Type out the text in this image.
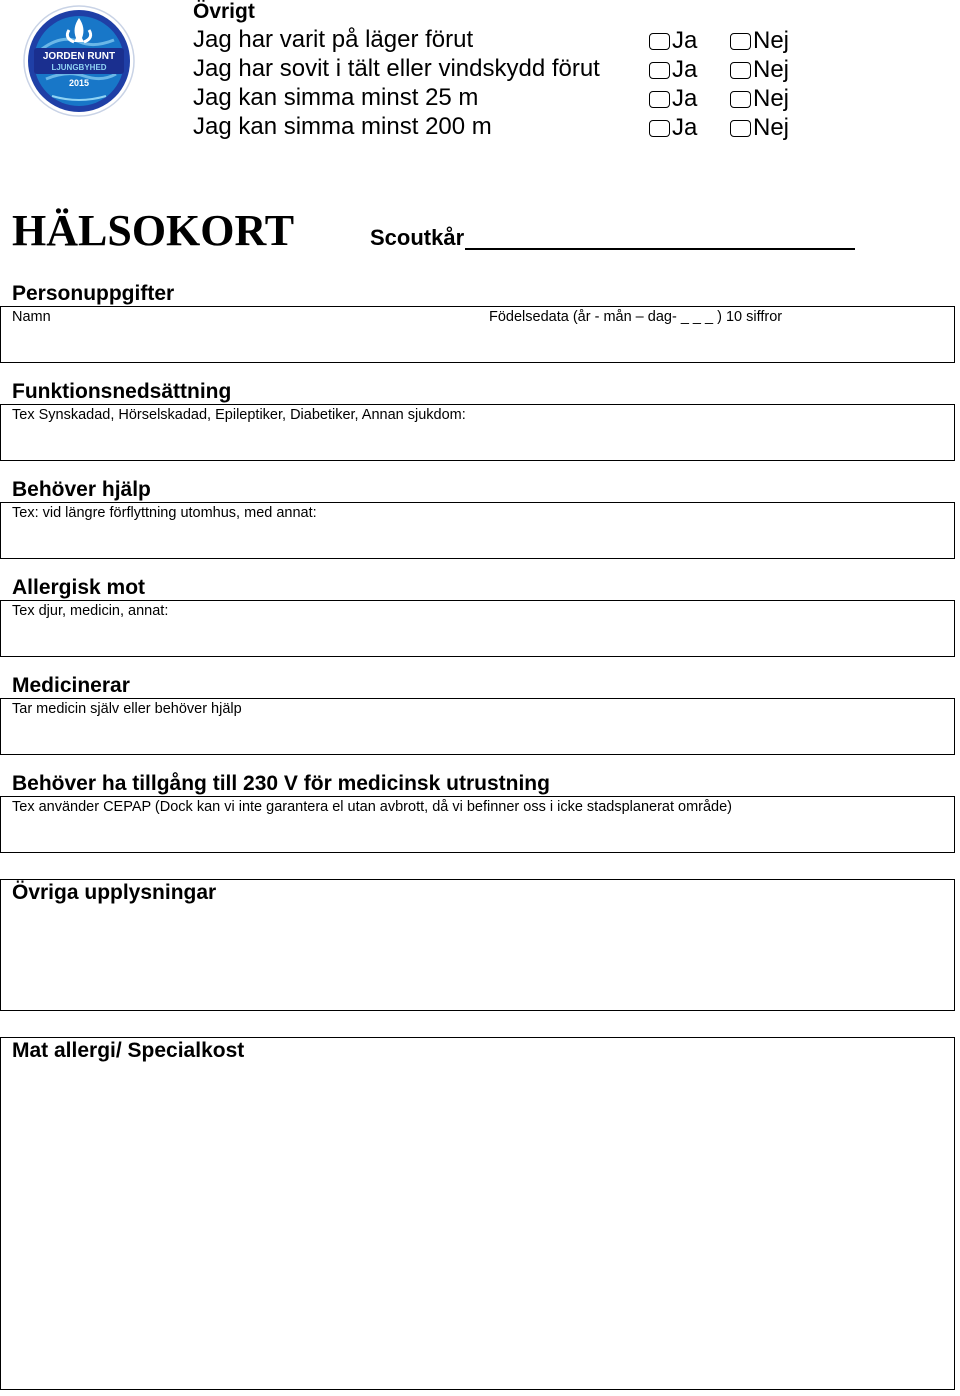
JORDEN RUNT
LJUNGBYHED
2015
Övrigt
Jag har varit på läger förut	Ja Nej
Jag har sovit i tält eller vindskydd förut	Ja Nej
Jag kan simma minst 25 m	Ja Nej
Jag kan simma minst 200 m	Ja Nej
HÄLSOKORT	Scoutkår
Personuppgifter
Namn	Födelsedata (år - mån – dag- _ _ _ ) 10 siffror
Funktionsnedsättning
Tex Synskadad, Hörselskadad, Epileptiker, Diabetiker, Annan sjukdom:
Behöver hjälp
Tex: vid längre förflyttning utomhus, med annat:
Allergisk mot
Tex djur, medicin, annat:
Medicinerar
Tar medicin själv eller behöver hjälp
Behöver ha tillgång till 230 V för medicinsk utrustning
Tex använder CEPAP (Dock kan vi inte garantera el utan avbrott, då vi befinner oss i icke stadsplanerat område)
Övriga upplysningar
Mat allergi/ Specialkost
